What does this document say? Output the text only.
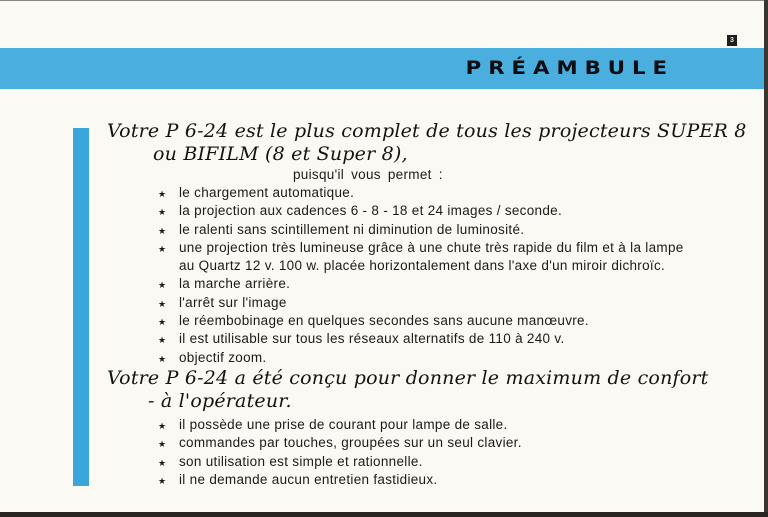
3
PRÉAMBULE
Votre P 6-24 est le plus complet de tous les projecteurs SUPER 8
ou BIFILM (8 et Super 8),
puisqu'il vous permet :
★ le chargement automatique.
★ la projection aux cadences 6 - 8 - 18 et 24 images / seconde.
★ le ralenti sans scintillement ni diminution de luminosité.
★ une projection très lumineuse grâce à une chute très rapide du film et à la lampe
au Quartz 12 v. 100 w. placée horizontalement dans l'axe d'un miroir dichroïc.
★ la marche arrière.
★ l'arrêt sur l'image
★ le réembobinage en quelques secondes sans aucune manœuvre.
★ il est utilisable sur tous les réseaux alternatifs de 110 à 240 v.
★ objectif zoom.
Votre P 6-24 a été conçu pour donner le maximum de confort
- à l'opérateur.
★ il possède une prise de courant pour lampe de salle.
★ commandes par touches, groupées sur un seul clavier.
★ son utilisation est simple et rationnelle.
★ il ne demande aucun entretien fastidieux.
